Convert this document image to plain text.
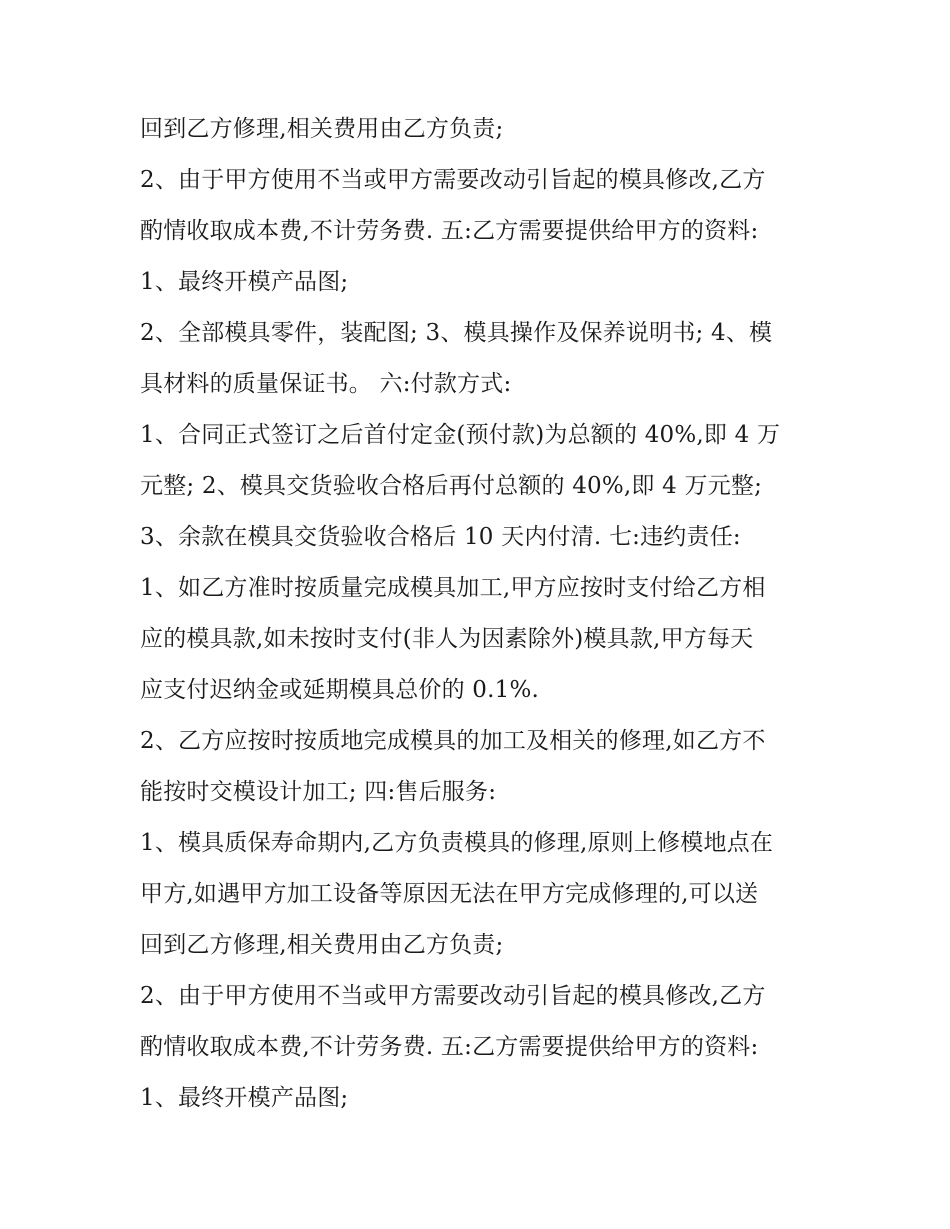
回到乙方修理,相关费用由乙方负责;
2、由于甲方使用不当或甲方需要改动引旨起的模具修改,乙方
酌情收取成本费,不计劳务费. 五:乙方需要提供给甲方的资料:
1、最终开模产品图;
2、全部模具零件，装配图; 3、模具操作及保养说明书; 4、模
具材料的质量保证书。 六:付款方式:
1、合同正式签订之后首付定金(预付款)为总额的 40%,即 4 万
元整; 2、模具交货验收合格后再付总额的 40%,即 4 万元整;
3、余款在模具交货验收合格后 10 天内付清. 七:违约责任:
1、如乙方准时按质量完成模具加工,甲方应按时支付给乙方相
应的模具款,如未按时支付(非人为因素除外)模具款,甲方每天
应支付迟纳金或延期模具总价的 0.1%.
2、乙方应按时按质地完成模具的加工及相关的修理,如乙方不
能按时交模设计加工; 四:售后服务:
1、模具质保寿命期内,乙方负责模具的修理,原则上修模地点在
甲方,如遇甲方加工设备等原因无法在甲方完成修理的,可以送
回到乙方修理,相关费用由乙方负责;
2、由于甲方使用不当或甲方需要改动引旨起的模具修改,乙方
酌情收取成本费,不计劳务费. 五:乙方需要提供给甲方的资料:
1、最终开模产品图;
